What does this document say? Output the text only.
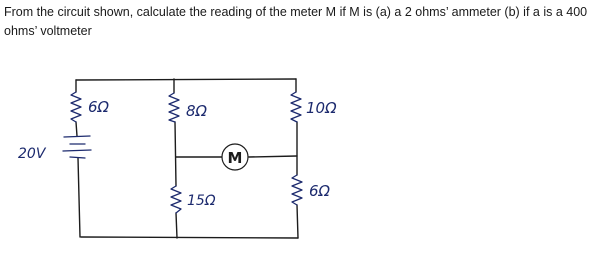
From the circuit shown, calculate the reading of the meter M if M is (a) a 2 ohms’ ammeter (b) if a is a 400 ohms’ voltmeter

M
6Ω	8Ω	10Ω
15Ω
6Ω
20V
